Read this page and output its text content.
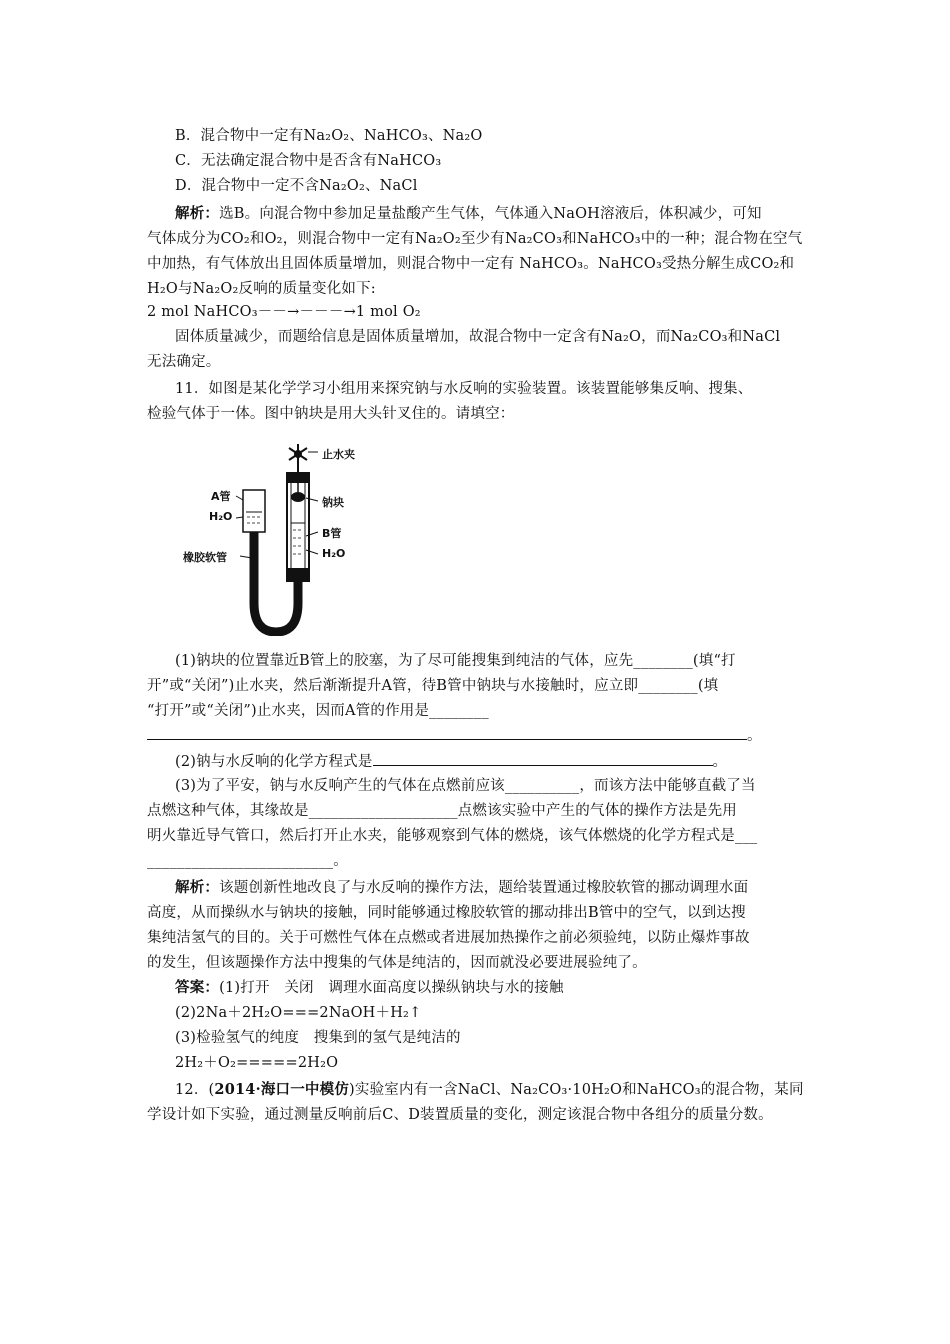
B．混合物中一定有Na₂O₂、NaHCO₃、Na₂O
C．无法确定混合物中是否含有NaHCO₃
D．混合物中一定不含Na₂O₂、NaCl
解析：选B。向混合物中参加足量盐酸产生气体，气体通入NaOH溶液后，体积减少，可知
气体成分为CO₂和O₂，则混合物中一定有Na₂O₂至少有Na₂CO₃和NaHCO₃中的一种；混合物在空气
中加热，有气体放出且固体质量增加，则混合物中一定有 NaHCO₃。NaHCO₃受热分解生成CO₂和
H₂O与Na₂O₂反响的质量变化如下:
2 mol NaHCO₃－－→－－－→1 mol O₂
固体质量减少，而题给信息是固体质量增加，故混合物中一定含有Na₂O，而Na₂CO₃和NaCl
无法确定。
11．如图是某化学学习小组用来探究钠与水反响的实验装置。该装置能够集反响、搜集、
检验气体于一体。图中钠块是用大头针叉住的。请填空：
止水夹
A管
H₂O
钠块
B管
H₂O
橡胶软管
(1)钠块的位置靠近B管上的胶塞，为了尽可能搜集到纯洁的气体，应先________(填“打
开”或“关闭”)止水夹，然后渐渐提升A管，待B管中钠块与水接触时，应立即________(填
“打开”或“关闭”)止水夹，因而A管的作用是________
。
(2)钠与水反响的化学方程式是	。
(3)为了平安，钠与水反响产生的气体在点燃前应该__________，而该方法中能够直截了当
点燃这种气体，其缘故是____________________点燃该实验中产生的气体的操作方法是先用
明火靠近导气管口，然后打开止水夹，能够观察到气体的燃烧，该气体燃烧的化学方程式是___
_________________________。
解析：该题创新性地改良了与水反响的操作方法，题给装置通过橡胶软管的挪动调理水面
高度，从而操纵水与钠块的接触，同时能够通过橡胶软管的挪动排出B管中的空气，以到达搜
集纯洁氢气的目的。关于可燃性气体在点燃或者进展加热操作之前必须验纯，以防止爆炸事故
的发生，但该题操作方法中搜集的气体是纯洁的，因而就没必要进展验纯了。
答案：(1)打开　关闭　调理水面高度以操纵钠块与水的接触
(2)2Na＋2H₂O===2NaOH＋H₂↑
(3)检验氢气的纯度　搜集到的氢气是纯洁的
2H₂＋O₂=====2H₂O
12．(2014·海口一中模仿)实验室内有一含NaCl、Na₂CO₃·10H₂O和NaHCO₃的混合物，某同
学设计如下实验，通过测量反响前后C、D装置质量的变化，测定该混合物中各组分的质量分数。
